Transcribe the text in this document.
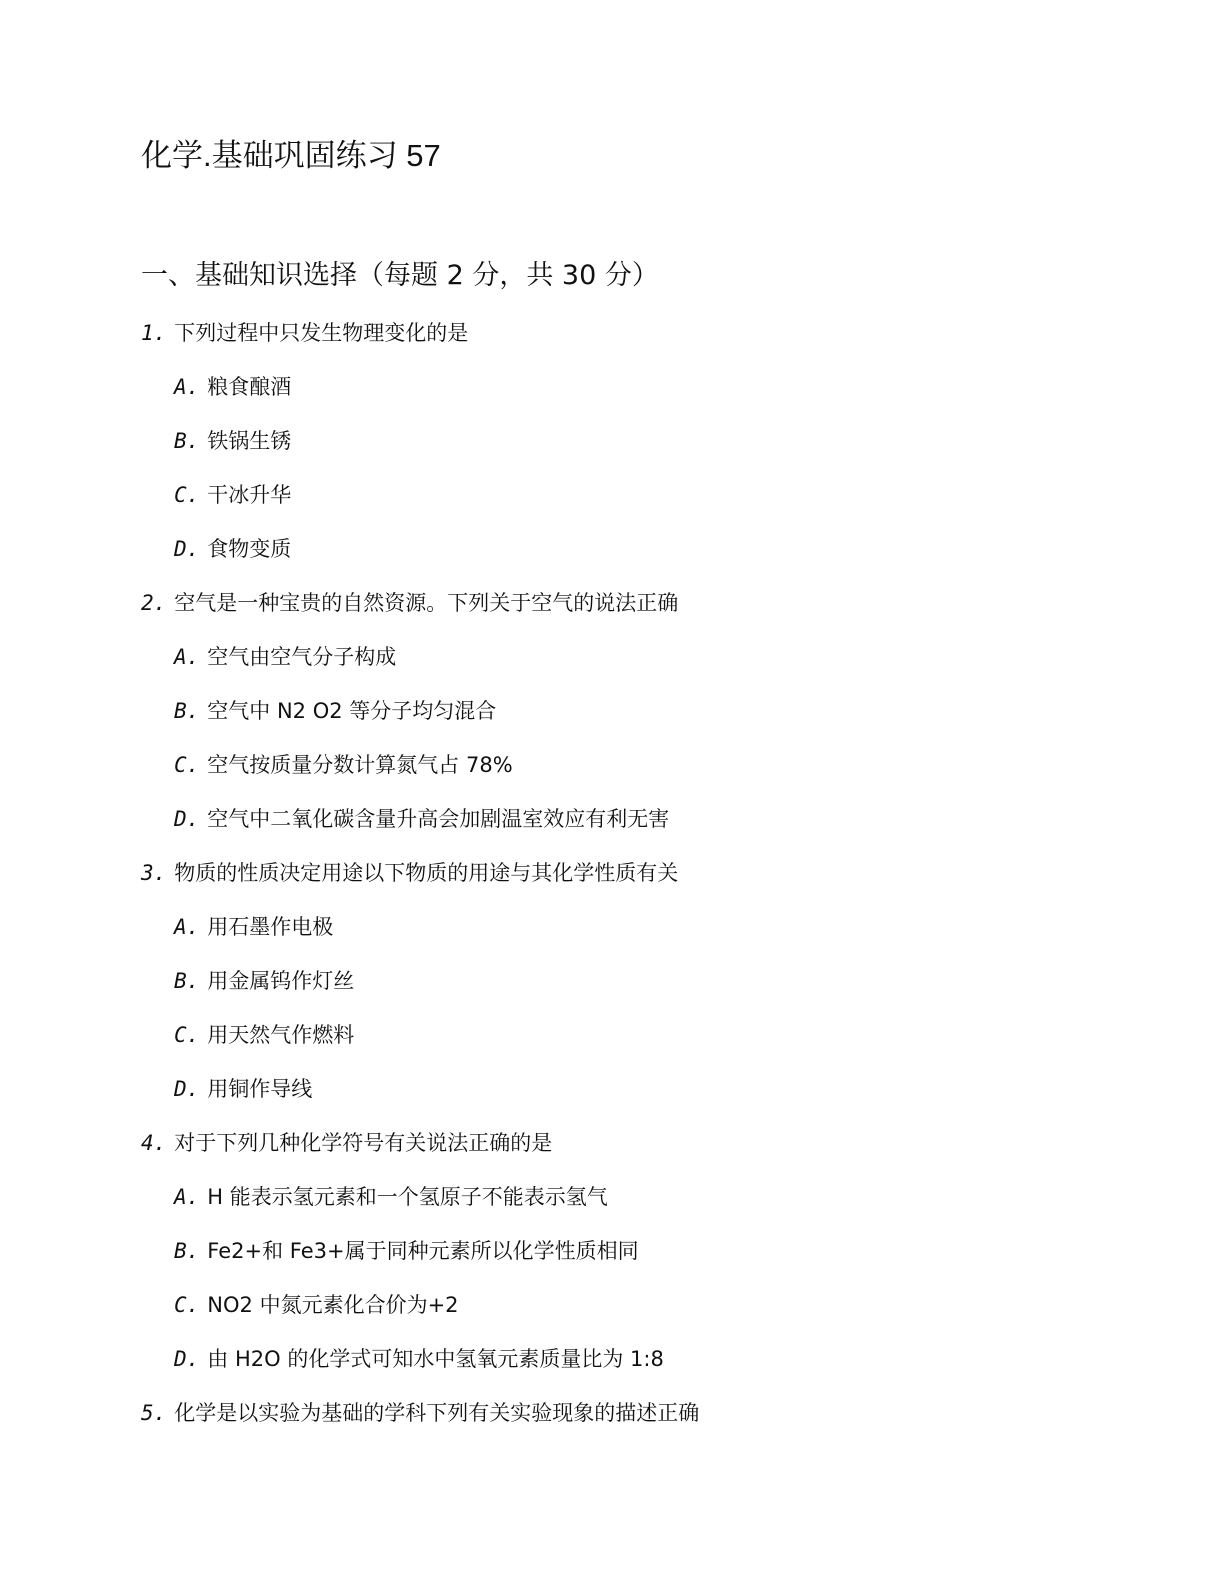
化学.基础巩固练习 57
一、基础知识选择（每题 2 分，共 30 分）
1. 下列过程中只发生物理变化的是
A. 粮食酿酒
B. 铁锅生锈
C. 干冰升华
D. 食物变质
2. 空气是一种宝贵的自然资源。下列关于空气的说法正确
A. 空气由空气分子构成
B. 空气中 N2 O2 等分子均匀混合
C. 空气按质量分数计算氮气占 78%
D. 空气中二氧化碳含量升高会加剧温室效应有利无害
3. 物质的性质决定用途以下物质的用途与其化学性质有关
A. 用石墨作电极
B. 用金属钨作灯丝
C. 用天然气作燃料
D. 用铜作导线
4. 对于下列几种化学符号有关说法正确的是
A. H 能表示氢元素和一个氢原子不能表示氢气
B. Fe2+和 Fe3+属于同种元素所以化学性质相同
C. NO2 中氮元素化合价为+2
D. 由 H2O 的化学式可知水中氢氧元素质量比为 1:8
5. 化学是以实验为基础的学科下列有关实验现象的描述正确
